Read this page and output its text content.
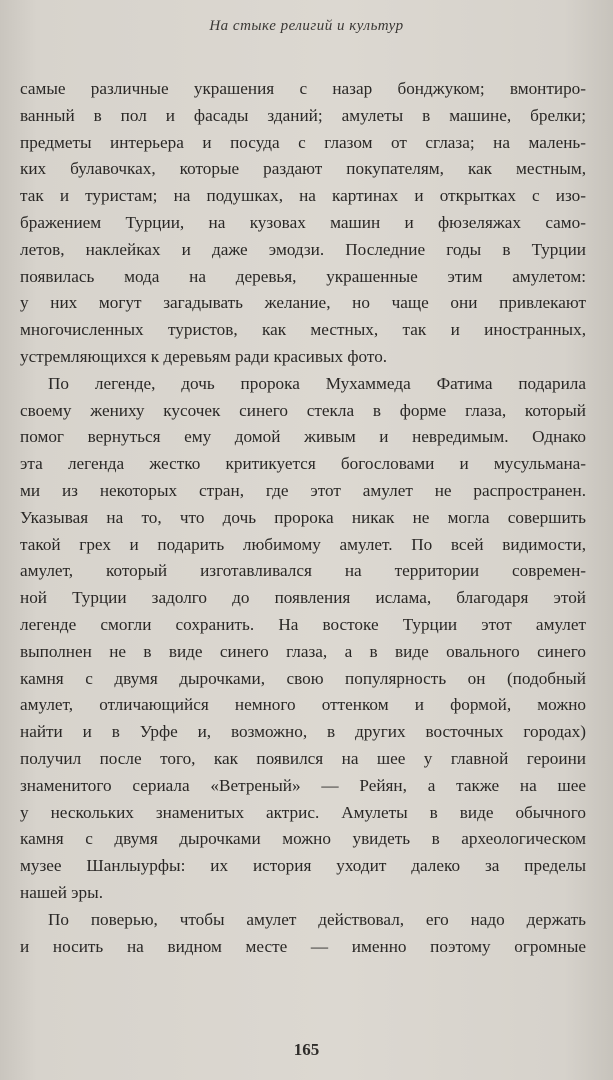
На стыке религий и культур
самые различные украшения с назар бонджуком; вмонтиро-
ванный в пол и фасады зданий; амулеты в машине, брелки;
предметы интерьера и посуда с глазом от сглаза; на малень-
ких булавочках, которые раздают покупателям, как местным,
так и туристам; на подушках, на картинах и открытках с изо-
бражением Турции, на кузовах машин и фюзеляжах само-
летов, наклейках и даже эмодзи. Последние годы в Турции
появилась мода на деревья, украшенные этим амулетом:
у них могут загадывать желание, но чаще они привлекают
многочисленных туристов, как местных, так и иностранных,
устремляющихся к деревьям ради красивых фото.
По легенде, дочь пророка Мухаммеда Фатима подарила
своему жениху кусочек синего стекла в форме глаза, который
помог вернуться ему домой живым и невредимым. Однако
эта легенда жестко критикуется богословами и мусульмана-
ми из некоторых стран, где этот амулет не распространен.
Указывая на то, что дочь пророка никак не могла совершить
такой грех и подарить любимому амулет. По всей видимости,
амулет, который изготавливался на территории современ-
ной Турции задолго до появления ислама, благодаря этой
легенде смогли сохранить. На востоке Турции этот амулет
выполнен не в виде синего глаза, а в виде овального синего
камня с двумя дырочками, свою популярность он (подобный
амулет, отличающийся немного оттенком и формой, можно
найти и в Урфе и, возможно, в других восточных городах)
получил после того, как появился на шее у главной героини
знаменитого сериала «Ветреный» — Рейян, а также на шее
у нескольких знаменитых актрис. Амулеты в виде обычного
камня с двумя дырочками можно увидеть в археологическом
музее Шанлыурфы: их история уходит далеко за пределы
нашей эры.
По поверью, чтобы амулет действовал, его надо держать
и носить на видном месте — именно поэтому огромные
165
